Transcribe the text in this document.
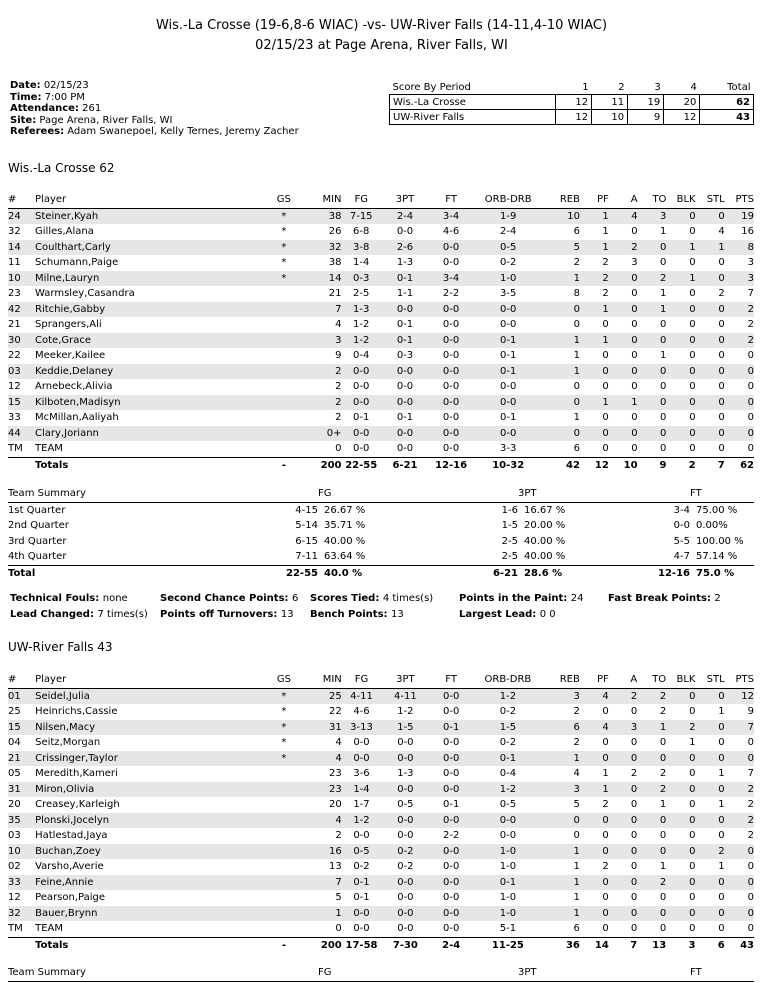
Wis.-La Crosse (19-6,8-6 WIAC) -vs- UW-River Falls (14-11,4-10 WIAC)
02/15/23 at Page Arena, River Falls, WI
Date: 02/15/23
Time: 7:00 PM
Attendance: 261
Site: Page Arena, River Falls, WI
Referees: Adam Swanepoel, Kelly Ternes, Jeremy Zacher
Score By Period	1	2	3	4	Total
Wis.-La Crosse	12	11	19	20	62
UW-River Falls	12	10	9	12	43
Wis.-La Crosse 62
#	Player	GS	MIN	FG	3PT	FT	ORB-DRB	REB	PF	A	TO	BLK	STL	PTS
24	Steiner,Kyah	*	38	7-15	2-4	3-4	1-9	10	1	4	3	0	0	19
32	Gilles,Alana	*	26	6-8	0-0	4-6	2-4	6	1	0	1	0	4	16
14	Coulthart,Carly	*	32	3-8	2-6	0-0	0-5	5	1	2	0	1	1	8
11	Schumann,Paige	*	38	1-4	1-3	0-0	0-2	2	2	3	0	0	0	3
10	Milne,Lauryn	*	14	0-3	0-1	3-4	1-0	1	2	0	2	1	0	3
23	Warmsley,Casandra		21	2-5	1-1	2-2	3-5	8	2	0	1	0	2	7
42	Ritchie,Gabby		7	1-3	0-0	0-0	0-0	0	1	0	1	0	0	2
21	Sprangers,Ali		4	1-2	0-1	0-0	0-0	0	0	0	0	0	0	2
30	Cote,Grace		3	1-2	0-1	0-0	0-1	1	1	0	0	0	0	2
22	Meeker,Kailee		9	0-4	0-3	0-0	0-1	1	0	0	1	0	0	0
03	Keddie,Delaney		2	0-0	0-0	0-0	0-1	1	0	0	0	0	0	0
12	Arnebeck,Alivia		2	0-0	0-0	0-0	0-0	0	0	0	0	0	0	0
15	Kilboten,Madisyn		2	0-0	0-0	0-0	0-0	0	1	1	0	0	0	0
33	McMillan,Aaliyah		2	0-1	0-1	0-0	0-1	1	0	0	0	0	0	0
44	Clary,Joriann		0+	0-0	0-0	0-0	0-0	0	0	0	0	0	0	0
TM	TEAM		0	0-0	0-0	0-0	3-3	6	0	0	0	0	0	0
	Totals	-	200	22-55	6-21	12-16	10-32	42	12	10	9	2	7	62
Team Summary		FG		3PT		FT
1st Quarter	4-15	26.67 %	1-6	16.67 %	3-4	75.00 %
2nd Quarter	5-14	35.71 %	1-5	20.00 %	0-0	0.00%
3rd Quarter	6-15	40.00 %	2-5	40.00 %	5-5	100.00 %
4th Quarter	7-11	63.64 %	2-5	40.00 %	4-7	57.14 %
Total	22-55	40.0 %	6-21	28.6 %	12-16	75.0 %
Technical Fouls: none	Second Chance Points: 6 Scores Tied: 4 times(s)	Points in the Paint: 24 Fast Break Points: 2
Lead Changed: 7 times(s) Points off Turnovers: 13 Bench Points: 13	Largest Lead: 0 0
UW-River Falls 43
#	Player	GS	MIN	FG	3PT	FT	ORB-DRB	REB	PF	A	TO	BLK	STL	PTS
01	Seidel,Julia	*	25	4-11	4-11	0-0	1-2	3	4	2	2	0	0	12
25	Heinrichs,Cassie	*	22	4-6	1-2	0-0	0-2	2	0	0	2	0	1	9
15	Nilsen,Macy	*	31	3-13	1-5	0-1	1-5	6	4	3	1	2	0	7
04	Seitz,Morgan	*	4	0-0	0-0	0-0	0-2	2	0	0	0	1	0	0
21	Crissinger,Taylor	*	4	0-0	0-0	0-0	0-1	1	0	0	0	0	0	0
05	Meredith,Kameri		23	3-6	1-3	0-0	0-4	4	1	2	2	0	1	7
31	Miron,Olivia		23	1-4	0-0	0-0	1-2	3	1	0	2	0	0	2
20	Creasey,Karleigh		20	1-7	0-5	0-1	0-5	5	2	0	1	0	1	2
35	Plonski,Jocelyn		4	1-2	0-0	0-0	0-0	0	0	0	0	0	0	2
03	Hatlestad,Jaya		2	0-0	0-0	2-2	0-0	0	0	0	0	0	0	2
10	Buchan,Zoey		16	0-5	0-2	0-0	1-0	1	0	0	0	0	2	0
02	Varsho,Averie		13	0-2	0-2	0-0	1-0	1	2	0	1	0	1	0
33	Feine,Annie		7	0-1	0-0	0-0	0-1	1	0	0	2	0	0	0
12	Pearson,Paige		5	0-1	0-0	0-0	1-0	1	0	0	0	0	0	0
32	Bauer,Brynn		1	0-0	0-0	0-0	1-0	1	0	0	0	0	0	0
TM	TEAM		0	0-0	0-0	0-0	5-1	6	0	0	0	0	0	0
	Totals	-	200	17-58	7-30	2-4	11-25	36	14	7	13	3	6	43
Team Summary	FG		3PT		FT
